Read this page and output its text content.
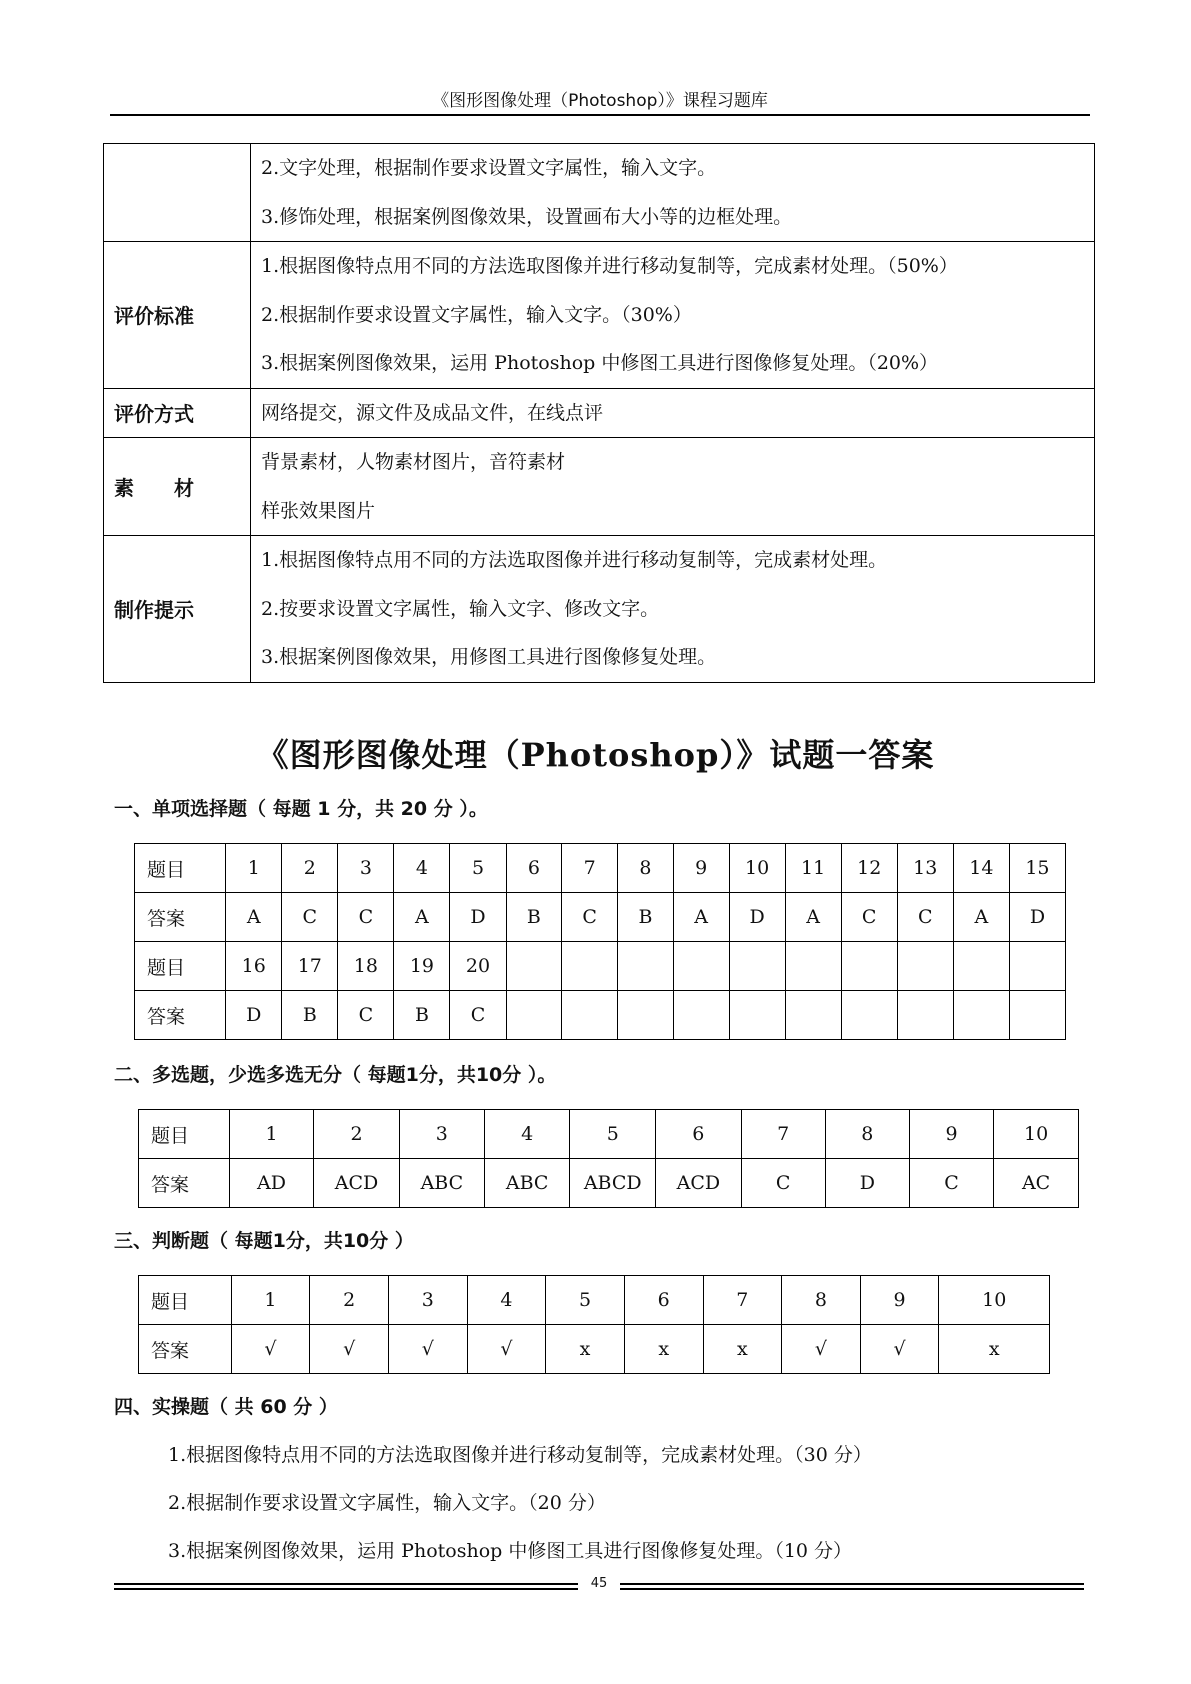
《图形图像处理（Photoshop）》课程习题库

	2.文字处理，根据制作要求设置文字属性，输入文字。
3.修饰处理，根据案例图像效果，设置画布大小等的边框处理。

评价标准	1.根据图像特点用不同的方法选取图像并进行移动复制等，完成素材处理。（50%）
2.根据制作要求设置文字属性，输入文字。（30%）
3.根据案例图像效果，运用 Photoshop 中修图工具进行图像修复处理。（20%）

评价方式	网络提交，源文件及成品文件，在线点评

素　　材	背景素材，人物素材图片，音符素材
样张效果图片

制作提示	1.根据图像特点用不同的方法选取图像并进行移动复制等，完成素材处理。
2.按要求设置文字属性，输入文字、修改文字。
3.根据案例图像效果，用修图工具进行图像修复处理。
《图形图像处理（Photoshop）》试题一答案
一、单项选择题（ 每题 1 分，共 20 分 ）。
题目	1	2	3	4	5	6	7	8	9	10	11	12	13	14	15
答案	A	C	C	A	D	B	C	B	A	D	A	C	C	A	D
题目	16	17	18	19	20										
答案	D	B	C	B	C										
二、多选题，少选多选无分（ 每题1分，共10分 ）。
题目	1	2	3	4	5	6	7	8	9	10
答案	AD	ACD	ABC	ABC	ABCD	ACD	C	D	C	AC
三、判断题（ 每题1分，共10分 ）
题目	1	2	3	4	5	6	7	8	9	10
答案	√	√	√	√	x	x	x	√	√	x
四、实操题（ 共 60 分 ）
1.根据图像特点用不同的方法选取图像并进行移动复制等，完成素材处理。（30 分）
2.根据制作要求设置文字属性，输入文字。（20 分）
3.根据案例图像效果，运用 Photoshop 中修图工具进行图像修复处理。（10 分）
45
